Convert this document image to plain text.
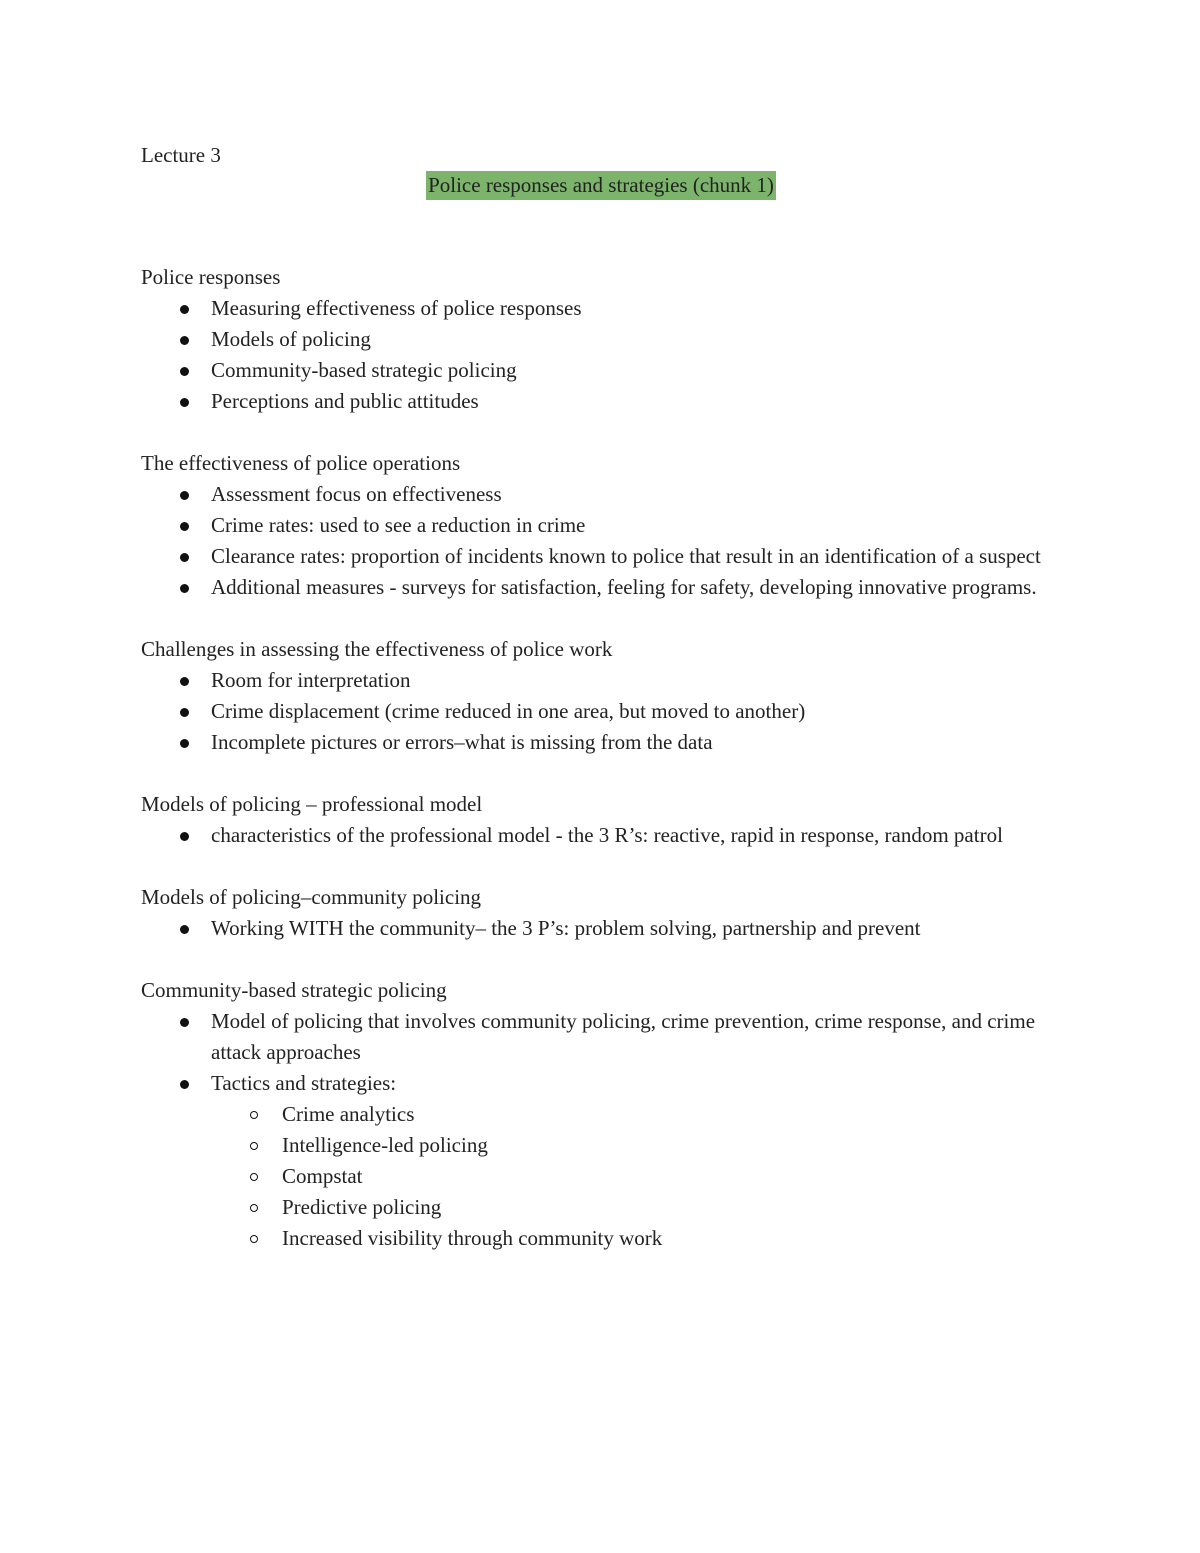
Lecture 3

Police responses and strategies (chunk 1)

Police responses

Measuring effectiveness of police responses
Models of policing
Community-based strategic policing
Perceptions and public attitudes

The effectiveness of police operations

Assessment focus on effectiveness
Crime rates: used to see a reduction in crime
Clearance rates: proportion of incidents known to police that result in an identification of a suspect
Additional measures - surveys for satisfaction, feeling for safety, developing innovative programs.

Challenges in assessing the effectiveness of police work

Room for interpretation
Crime displacement (crime reduced in one area, but moved to another)
Incomplete pictures or errors–what is missing from the data

Models of policing – professional model

characteristics of the professional model - the 3 R’s: reactive, rapid in response, random patrol

Models of policing–community policing

Working WITH the community– the 3 P’s: problem solving, partnership and prevent

Community-based strategic policing

Model of policing that involves community policing, crime prevention, crime response, and crime attack approaches
Tactics and strategies:
Crime analytics
Intelligence-led policing
Compstat
Predictive policing
Increased visibility through community work
